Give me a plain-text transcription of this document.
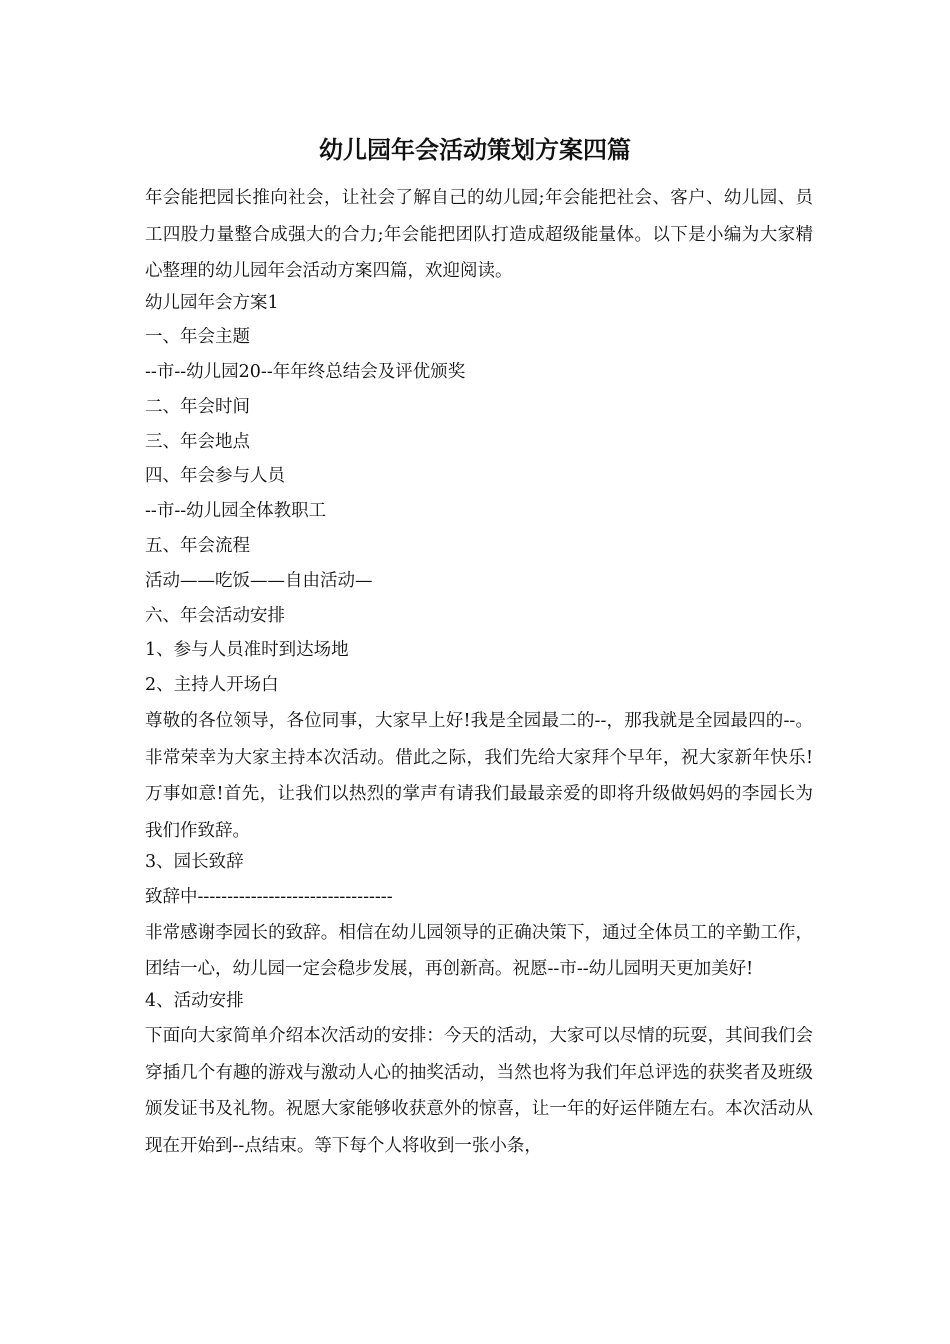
幼儿园年会活动策划方案四篇

年会能把园长推向社会，让社会了解自己的幼儿园;年会能把社会、客户、幼儿园、员工四股力量整合成强大的合力;年会能把团队打造成超级能量体。以下是小编为大家精心整理的幼儿园年会活动方案四篇，欢迎阅读。

幼儿园年会方案1

一、年会主题

--市--幼儿园20--年年终总结会及评优颁奖

二、年会时间

三、年会地点

四、年会参与人员

--市--幼儿园全体教职工

五、年会流程

活动——吃饭——自由活动—

六、年会活动安排

1、参与人员准时到达场地

2、主持人开场白

尊敬的各位领导，各位同事，大家早上好!我是全园最二的--，那我就是全园最四的--。非常荣幸为大家主持本次活动。借此之际，我们先给大家拜个早年，祝大家新年快乐!万事如意!首先，让我们以热烈的掌声有请我们最最亲爱的即将升级做妈妈的李园长为我们作致辞。

3、园长致辞

致辞中---------------------------------

非常感谢李园长的致辞。相信在幼儿园领导的正确决策下，通过全体员工的辛勤工作，团结一心，幼儿园一定会稳步发展，再创新高。祝愿--市--幼儿园明天更加美好!

4、活动安排

下面向大家简单介绍本次活动的安排：今天的活动，大家可以尽情的玩耍，其间我们会穿插几个有趣的游戏与激动人心的抽奖活动，当然也将为我们年总评选的获奖者及班级颁发证书及礼物。祝愿大家能够收获意外的惊喜，让一年的好运伴随左右。本次活动从现在开始到--点结束。等下每个人将收到一张小条，
